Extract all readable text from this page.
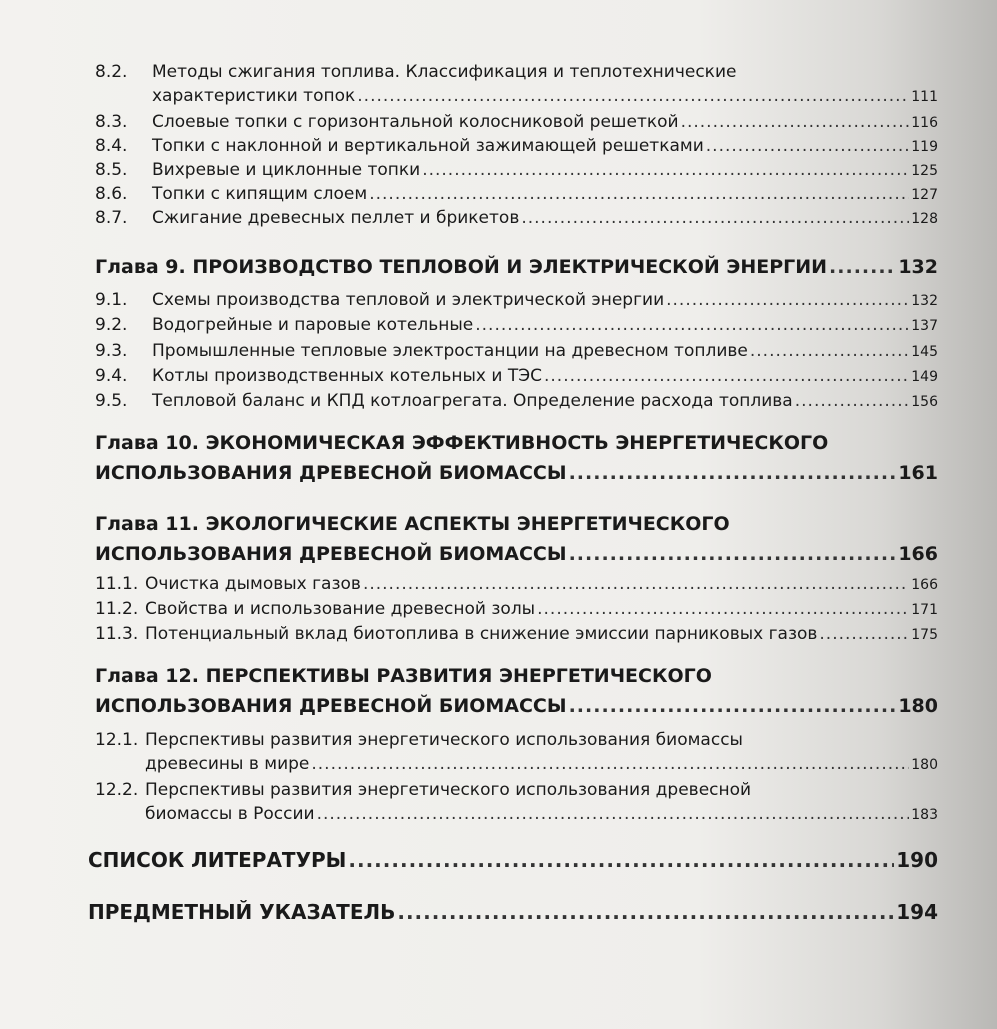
8.2. Методы сжигания топлива. Классификация и теплотехнические
характеристики топок .....	111
8.3. Слоевые топки с горизонтальной колосниковой решеткой .....	116
8.4. Топки с наклонной и вертикальной зажимающей решетками .....	119
8.5. Вихревые и циклонные топки .....	125
8.6. Топки с кипящим слоем .....	127
8.7. Сжигание древесных пеллет и брикетов .....	128
Глава 9. ПРОИЗВОДСТВО ТЕПЛОВОЙ И ЭЛЕКТРИЧЕСКОЙ ЭНЕРГИИ .....	132
9.1. Схемы производства тепловой и электрической энергии .....	132
9.2. Водогрейные и паровые котельные .....	137
9.3. Промышленные тепловые электростанции на древесном топливе .....	145
9.4. Котлы производственных котельных и ТЭС .....	149
9.5. Тепловой баланс и КПД котлоагрегата. Определение расхода топлива .....	156
Глава 10. ЭКОНОМИЧЕСКАЯ ЭФФЕКТИВНОСТЬ ЭНЕРГЕТИЧЕСКОГО
ИСПОЛЬЗОВАНИЯ ДРЕВЕСНОЙ БИОМАССЫ .....	161
Глава 11. ЭКОЛОГИЧЕСКИЕ АСПЕКТЫ ЭНЕРГЕТИЧЕСКОГО
ИСПОЛЬЗОВАНИЯ ДРЕВЕСНОЙ БИОМАССЫ .....	166
11.1. Очистка дымовых газов .....	166
11.2. Свойства и использование древесной золы .....	171
11.3. Потенциальный вклад биотоплива в снижение эмиссии парниковых газов .....	175
Глава 12. ПЕРСПЕКТИВЫ РАЗВИТИЯ ЭНЕРГЕТИЧЕСКОГО
ИСПОЛЬЗОВАНИЯ ДРЕВЕСНОЙ БИОМАССЫ .....	180
12.1. Перспективы развития энергетического использования биомассы
древесины в мире .....	180
12.2. Перспективы развития энергетического использования древесной
биомассы в России .....	183
СПИСОК ЛИТЕРАТУРЫ .....	190
ПРЕДМЕТНЫЙ УКАЗАТЕЛЬ .....	194
